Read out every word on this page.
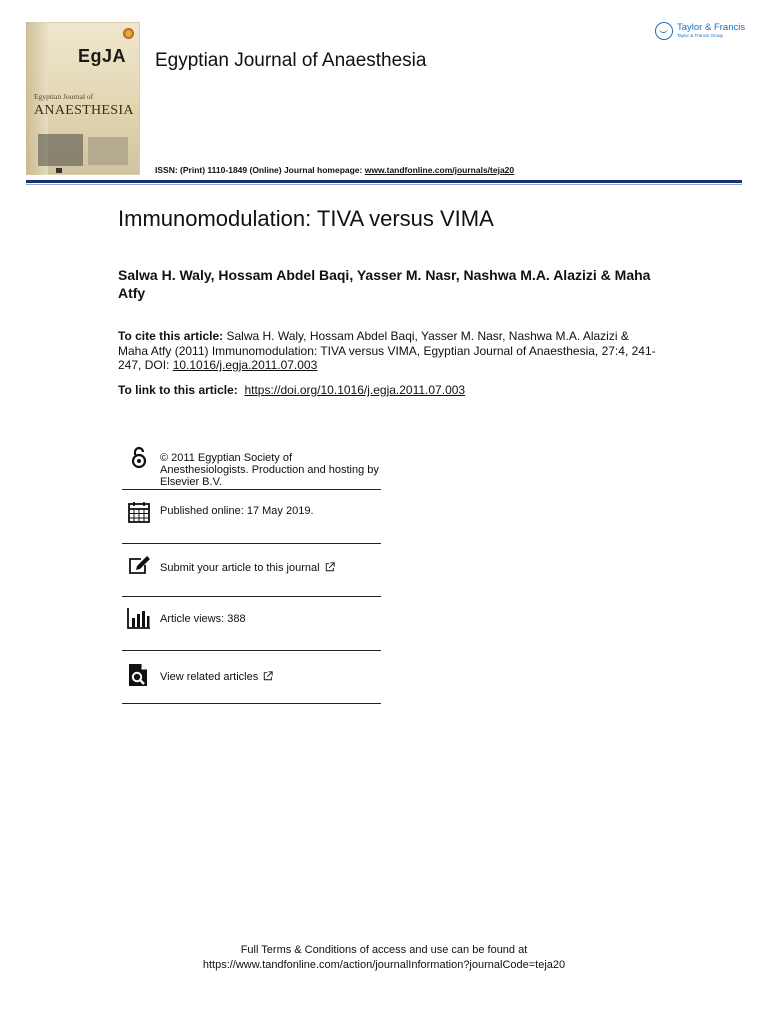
EgJA
Egyptian Journal of
ANAESTHESIA
Egyptian Journal of Anaesthesia
ISSN: (Print) 1110-1849 (Online) Journal homepage: www.tandfonline.com/journals/teja20
Taylor & Francis
Taylor & Francis Group
Immunomodulation: TIVA versus VIMA
Salwa H. Waly, Hossam Abdel Baqi, Yasser M. Nasr, Nashwa M.A. Alazizi & Maha Atfy
To cite this article: Salwa H. Waly, Hossam Abdel Baqi, Yasser M. Nasr, Nashwa M.A. Alazizi & Maha Atfy (2011) Immunomodulation: TIVA versus VIMA, Egyptian Journal of Anaesthesia, 27:4, 241-247, DOI: 10.1016/j.egja.2011.07.003
To link to this article: https://doi.org/10.1016/j.egja.2011.07.003
© 2011 Egyptian Society of Anesthesiologists. Production and hosting by Elsevier B.V.
Published online: 17 May 2019.
Submit your article to this journal
Article views: 388
View related articles
Full Terms & Conditions of access and use can be found at
https://www.tandfonline.com/action/journalInformation?journalCode=teja20
